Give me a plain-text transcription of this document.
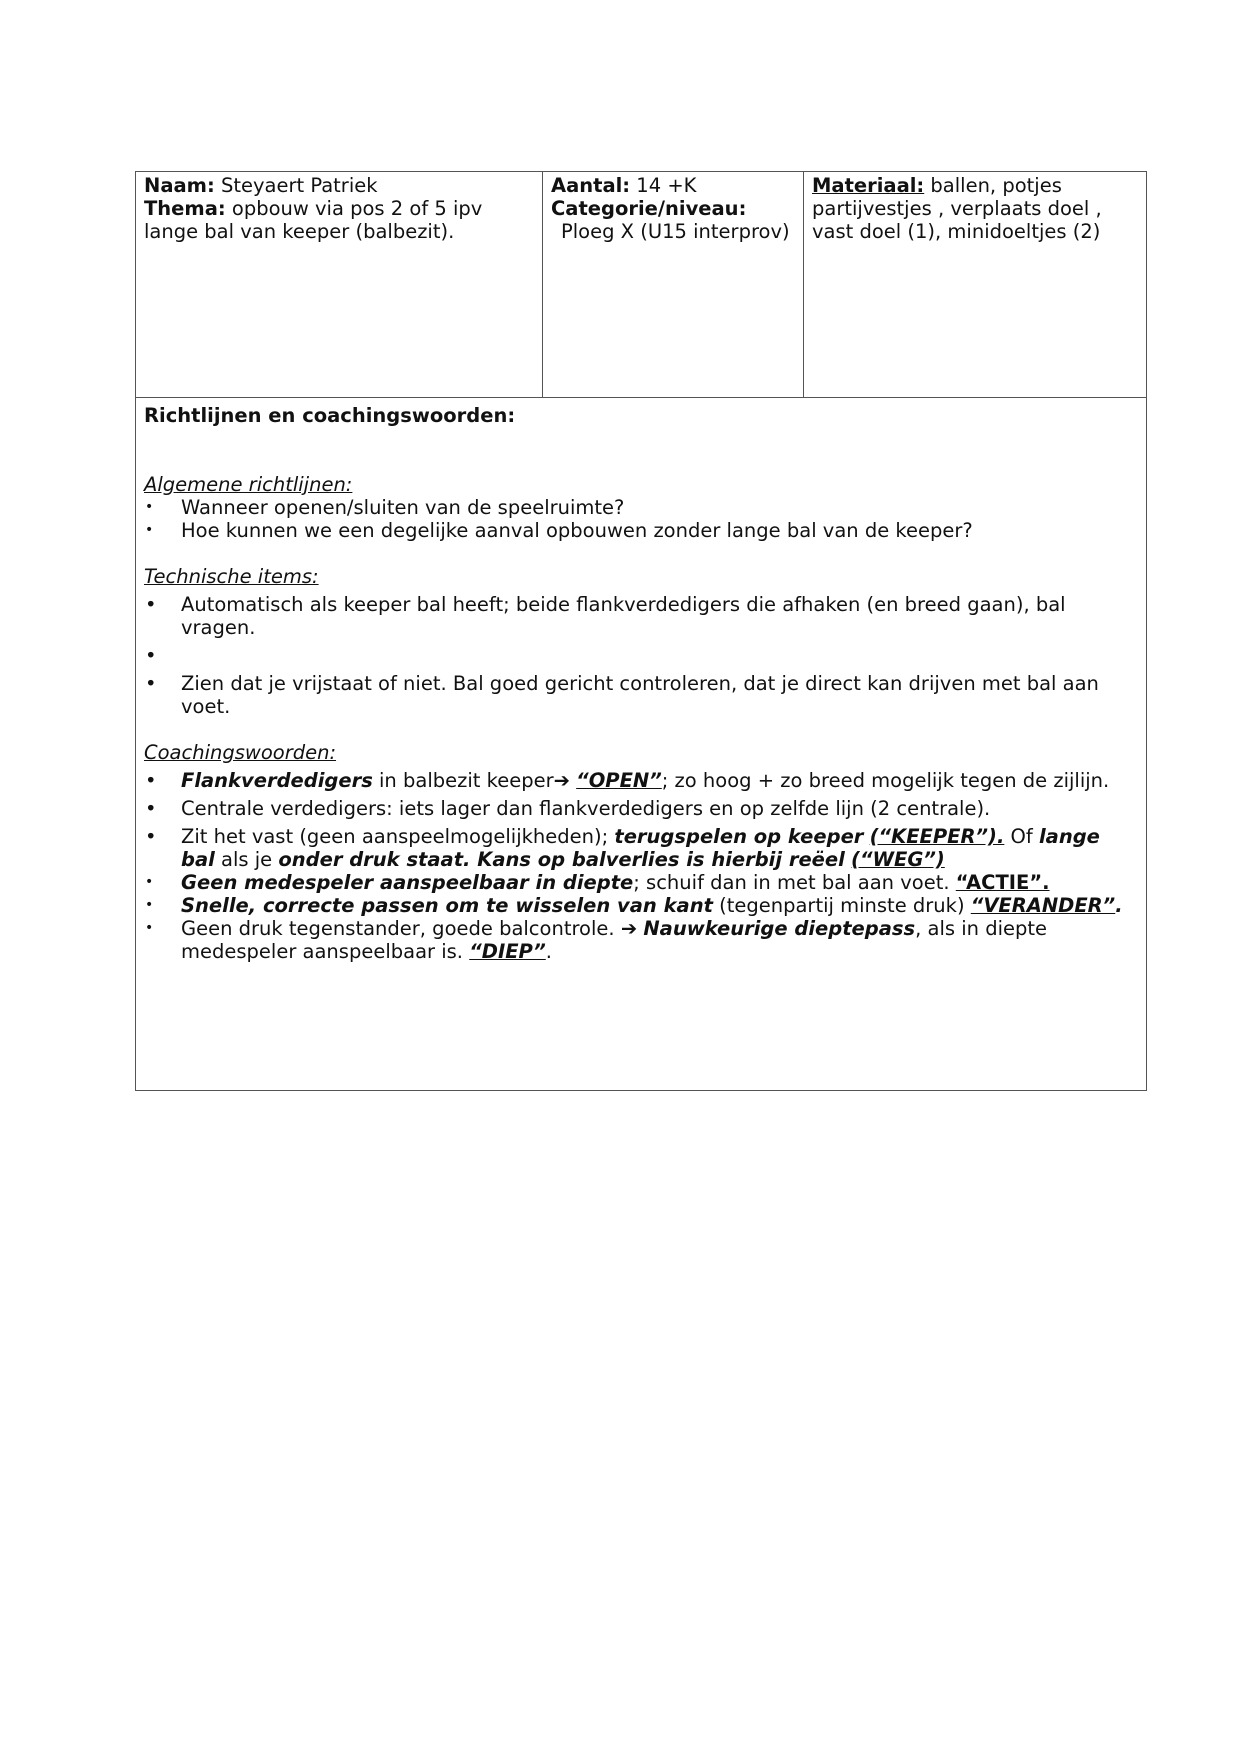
Naam: Steyaert Patriek
Thema: opbouw via pos 2 of 5 ipv lange bal van keeper (balbezit).
Aantal: 14 +K
Categorie/niveau:
Ploeg X (U15 interprov)
Materiaal: ballen, potjes partijvestjes , verplaats doel , vast doel (1), minidoeltjes (2)
Richtlijnen en coachingswoorden:
Algemene richtlijnen:
•	Wanneer openen/sluiten van de speelruimte?
•	Hoe kunnen we een degelijke aanval opbouwen zonder lange bal van de keeper?
Technische items:
• Automatisch als keeper bal heeft; beide flankverdedigers die afhaken (en breed gaan), bal vragen.
•
• Zien dat je vrijstaat of niet. Bal goed gericht controleren, dat je direct kan drijven met bal aan voet.
Coachingswoorden:
• Flankverdedigers in balbezit keeper➔ “OPEN”; zo hoog + zo breed mogelijk tegen de zijlijn.
• Centrale verdedigers: iets lager dan flankverdedigers en op zelfde lijn (2 centrale).
• Zit het vast (geen aanspeelmogelijkheden); terugspelen op keeper (“KEEPER”). Of lange bal als je onder druk staat. Kans op balverlies is hierbij reëel (“WEG”)
•	Geen medespeler aanspeelbaar in diepte; schuif dan in met bal aan voet. “ACTIE”.
•	Snelle, correcte passen om te wisselen van kant (tegenpartij minste druk) “VERANDER”.
•	Geen druk tegenstander, goede balcontrole. ➔ Nauwkeurige dieptepass, als in diepte medespeler aanspeelbaar is. “DIEP”.
